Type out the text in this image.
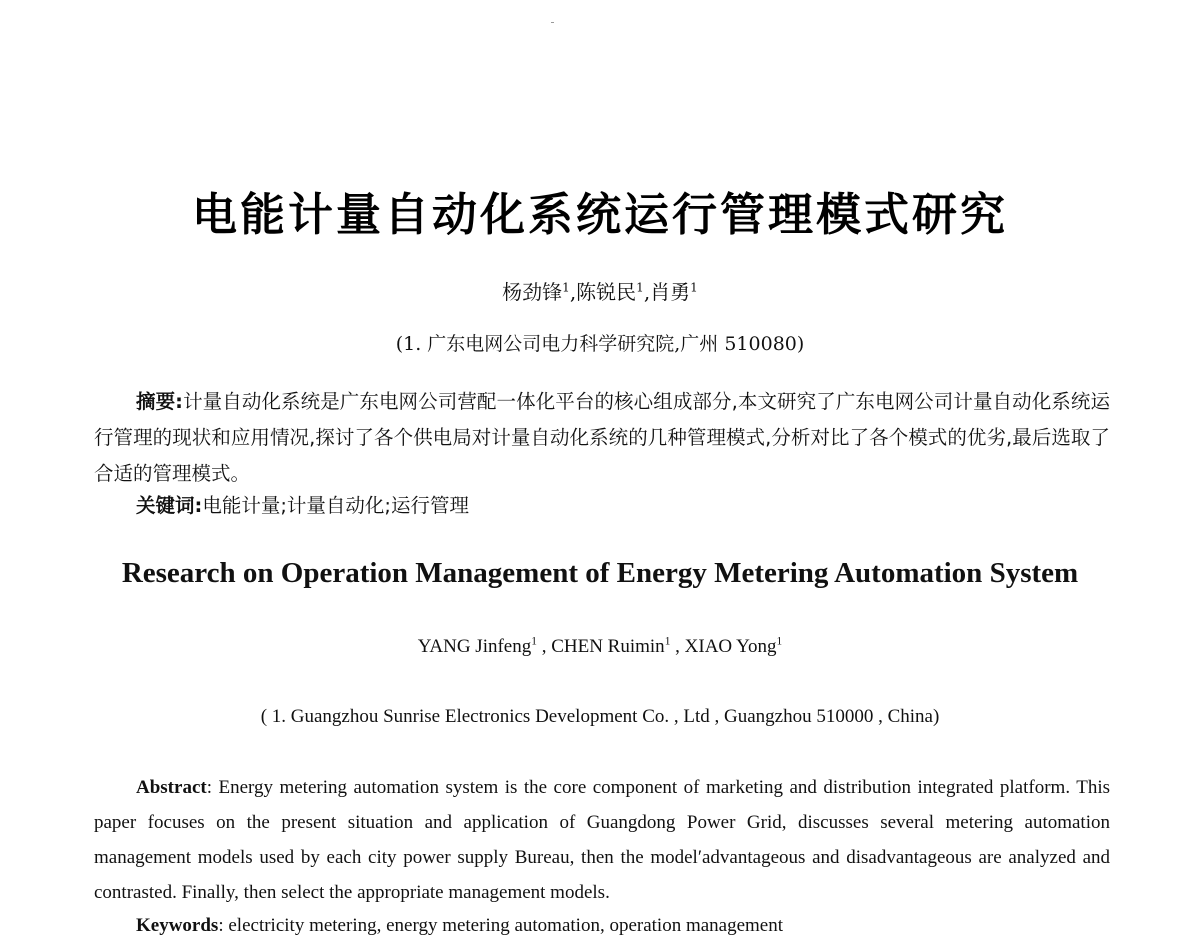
电能计量自动化系统运行管理模式研究
杨劲锋$^1$,陈锐民$^1$,肖勇$^1$
(1. 广东电网公司电力科学研究院,广州 510080)

摘要:计量自动化系统是广东电网公司营配一体化平台的核心组成部分,本文研究了广东电网公司计量自动化系统运行管理的现状和应用情况,探讨了各个供电局对计量自动化系统的几种管理模式,分析对比了各个模式的优劣,最后选取了合适的管理模式。

关键词:电能计量;计量自动化;运行管理

Research on Operation Management of Energy Metering Automation System
YANG Jinfeng$^1$ , CHEN Ruimin$^1$ , XIAO Yong$^1$
( 1. Guangzhou Sunrise Electronics Development Co. , Ltd , Guangzhou 510000 , China)

Abstract: Energy metering automation system is the core component of marketing and distribution integrated platform. This paper focuses on the present situation and application of Guangdong Power Grid, discusses several metering automation management models used by each city power supply Bureau, then the model′advantageous and disadvantageous are analyzed and contrasted. Finally, then select the appropriate management models.

Keywords: electricity metering, energy metering automation, operation management
